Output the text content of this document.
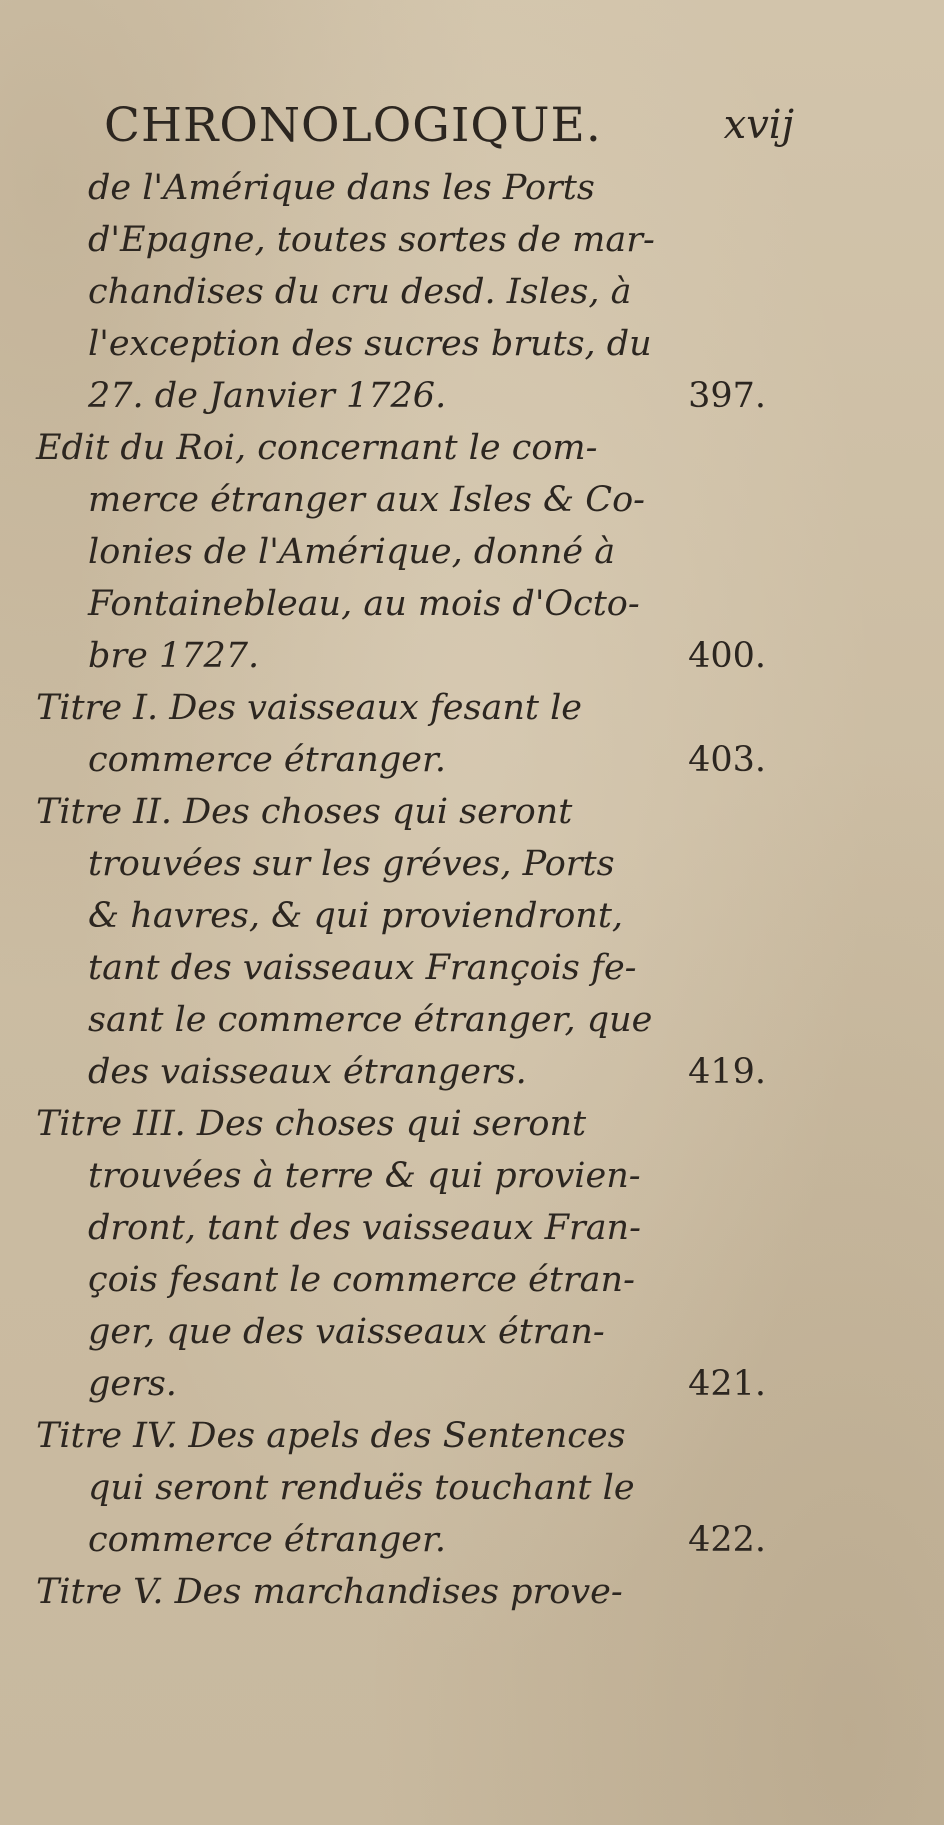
CHRONOLOGIQUE.	xvij
de l'Amérique dans les Ports
d'Epagne, toutes sortes de mar-
chandises du cru desd. Isles, à
l'exception des sucres bruts, du
27. de Janvier 1726.	397.
Edit du Roi, concernant le com-
merce étranger aux Isles & Co-
lonies de l'Amérique, donné à
Fontainebleau, au mois d'Octo-
bre 1727.	400.
Titre I. Des vaisseaux fesant le
commerce étranger.	403.
Titre II. Des choses qui seront
trouvées sur les gréves, Ports
& havres, & qui proviendront,
tant des vaisseaux François fe-
sant le commerce étranger, que
des vaisseaux étrangers.	419.
Titre III. Des choses qui seront
trouvées à terre & qui provien-
dront, tant des vaisseaux Fran-
çois fesant le commerce étran-
ger, que des vaisseaux étran-
gers.	421.
Titre IV. Des apels des Sentences
qui seront renduës touchant le
commerce étranger.	422.
Titre V. Des marchandises prove-
